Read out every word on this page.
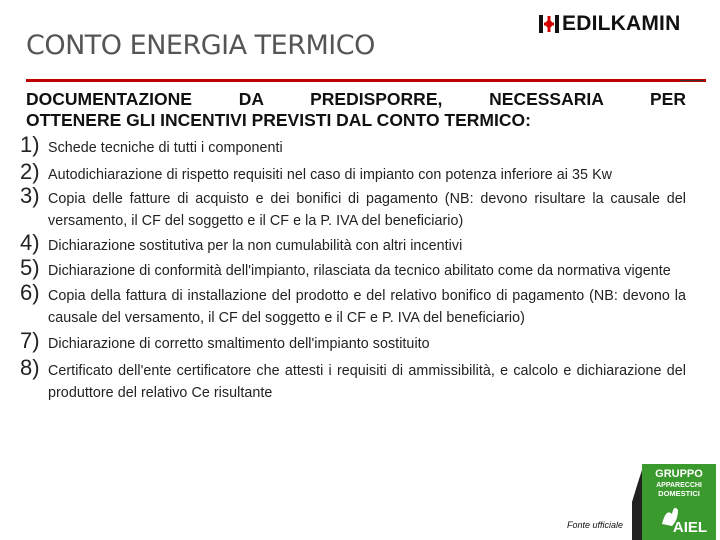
CONTO ENERGIA TERMICO
EDILKAMIN
DOCUMENTAZIONE DA PREDISPORRE, NECESSARIA PER
OTTENERE GLI INCENTIVI PREVISTI DAL CONTO TERMICO:
1) Schede tecniche di tutti i componenti
2) Autodichiarazione di rispetto requisiti nel caso di impianto con potenza inferiore ai 35 Kw
3) Copia delle fatture di acquisto e dei bonifici di pagamento (NB: devono risultare la causale del versamento, il CF del soggetto e il CF e la P. IVA del beneficiario)
4) Dichiarazione sostitutiva per la non cumulabilità con altri incentivi
5) Dichiarazione di conformità dell'impianto, rilasciata da tecnico abilitato come da normativa vigente
6) Copia della fattura di installazione del prodotto e del relativo bonifico di pagamento (NB: devono la causale del versamento, il CF del soggetto e il CF e P. IVA del beneficiario)
7) Dichiarazione di corretto smaltimento dell'impianto sostituito
8) Certificato dell'ente certificatore che attesti i requisiti di ammissibilità, e calcolo e dichiarazione del produttore del relativo Ce risultante
Fonte ufficiale
GRUPPO
APPARECCHI
DOMESTICI
AIEL
